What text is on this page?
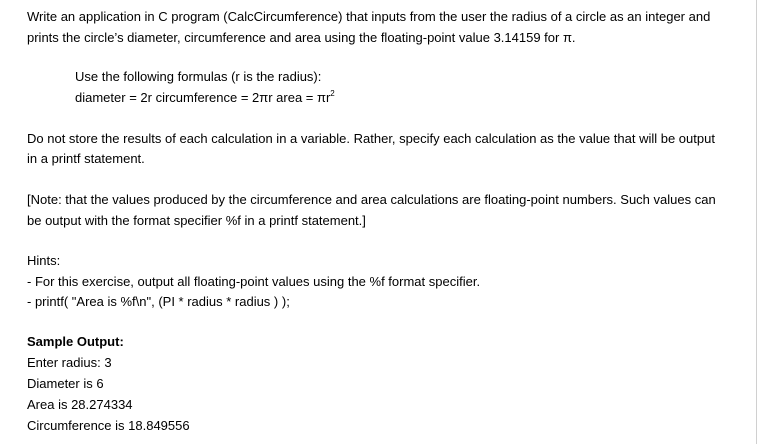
Write an application in C program (CalcCircumference) that inputs from the user the radius of a circle as an integer and
prints the circle’s diameter, circumference and area using the floating-point value 3.14159 for π.
Use the following formulas (r is the radius):
diameter = 2r circumference = 2πr area = $\pi r^2$
Do not store the results of each calculation in a variable. Rather, specify each calculation as the value that will be output
in a printf statement.
[Note: that the values produced by the circumference and area calculations are floating-point numbers. Such values can
be output with the format specifier %f in a printf statement.]
Hints:
- For this exercise, output all floating-point values using the %f format specifier.
- printf( "Area is %f\n", (PI * radius * radius ) );
Sample Output:
Enter radius: 3
Diameter is 6
Area is 28.274334
Circumference is 18.849556
